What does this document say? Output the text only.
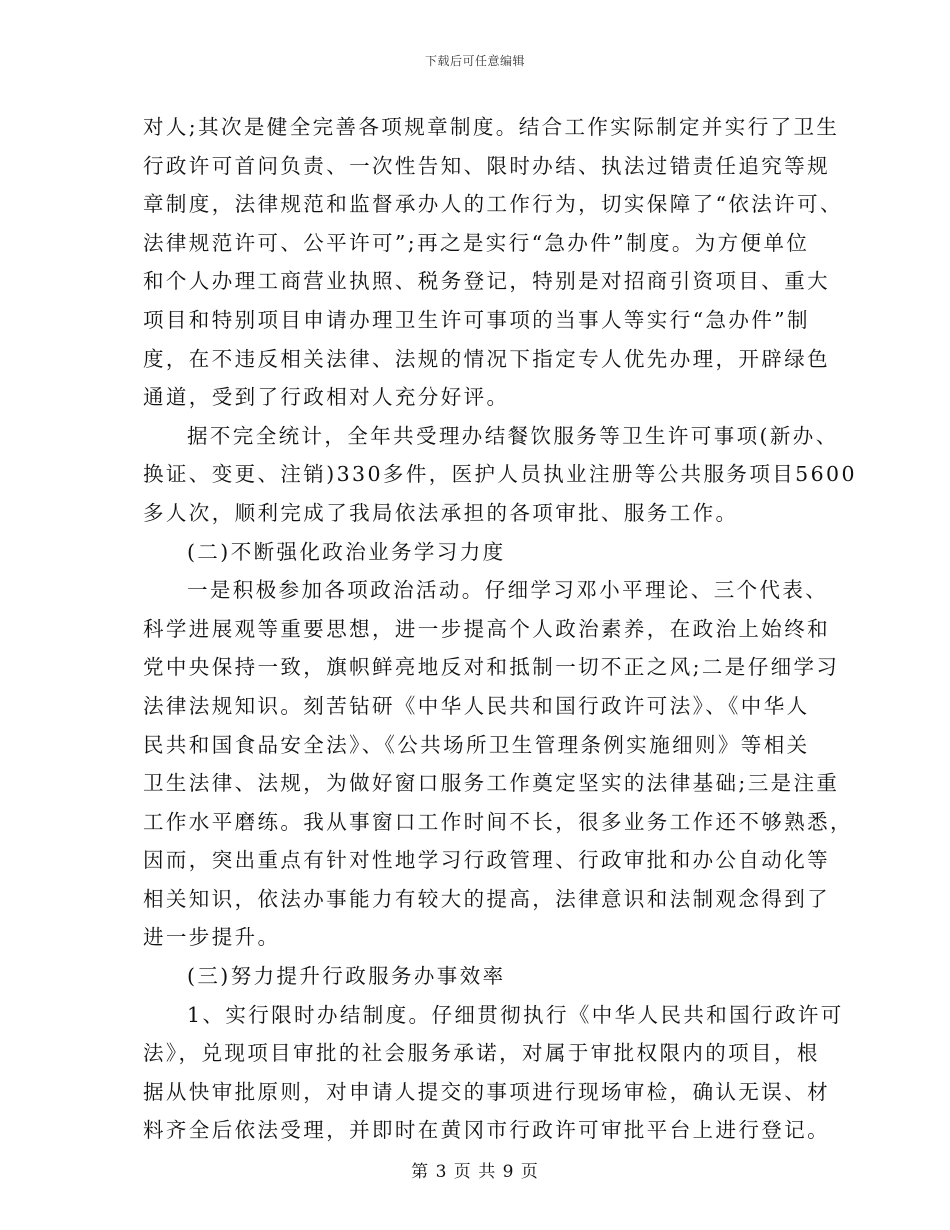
下载后可任意编辑
对人;其次是健全完善各项规章制度。结合工作实际制定并实行了卫生
行政许可首问负责、一次性告知、限时办结、执法过错责任追究等规
章制度，法律规范和监督承办人的工作行为，切实保障了“依法许可、
法律规范许可、公平许可”;再之是实行“急办件”制度。为方便单位
和个人办理工商营业执照、税务登记，特别是对招商引资项目、重大
项目和特别项目申请办理卫生许可事项的当事人等实行“急办件”制
度，在不违反相关法律、法规的情况下指定专人优先办理，开辟绿色
通道，受到了行政相对人充分好评。
据不完全统计，全年共受理办结餐饮服务等卫生许可事项(新办、
换证、变更、注销)330多件，医护人员执业注册等公共服务项目5600
多人次，顺利完成了我局依法承担的各项审批、服务工作。
(二)不断强化政治业务学习力度
一是积极参加各项政治活动。仔细学习邓小平理论、三个代表、
科学进展观等重要思想，进一步提高个人政治素养，在政治上始终和
党中央保持一致，旗帜鲜亮地反对和抵制一切不正之风;二是仔细学习
法律法规知识。刻苦钻研《中华人民共和国行政许可法》、《中华人
民共和国食品安全法》、《公共场所卫生管理条例实施细则》等相关
卫生法律、法规，为做好窗口服务工作奠定坚实的法律基础;三是注重
工作水平磨练。我从事窗口工作时间不长，很多业务工作还不够熟悉，
因而，突出重点有针对性地学习行政管理、行政审批和办公自动化等
相关知识，依法办事能力有较大的提高，法律意识和法制观念得到了
进一步提升。
(三)努力提升行政服务办事效率
1、实行限时办结制度。仔细贯彻执行《中华人民共和国行政许可
法》，兑现项目审批的社会服务承诺，对属于审批权限内的项目，根
据从快审批原则，对申请人提交的事项进行现场审检，确认无误、材
料齐全后依法受理，并即时在黄冈市行政许可审批平台上进行登记。
第 3 页 共 9 页
